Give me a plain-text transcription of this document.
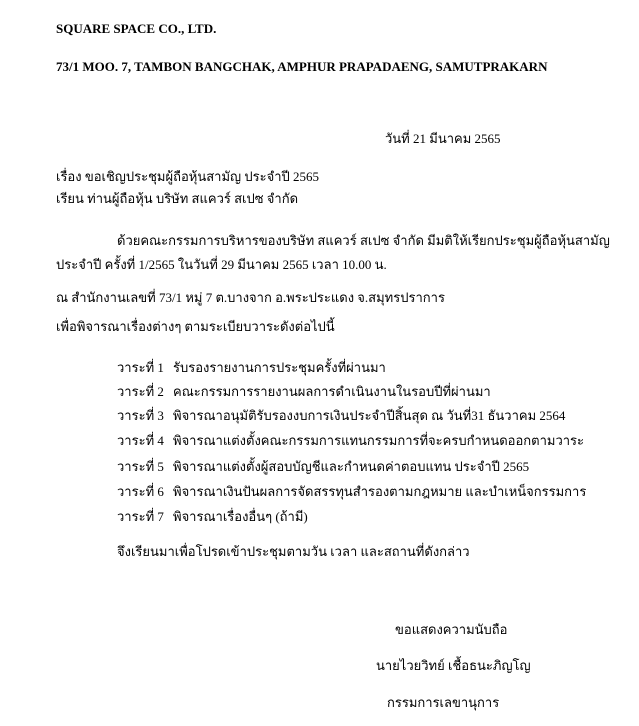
SQUARE SPACE CO., LTD.
73/1 MOO. 7, TAMBON BANGCHAK, AMPHUR PRAPADAENG, SAMUTPRAKARN
วันที่ 21 มีนาคม 2565
เรื่อง ขอเชิญประชุมผู้ถือหุ้นสามัญ ประจำปี 2565
เรียน ท่านผู้ถือหุ้น บริษัท สแควร์ สเปซ จำกัด
ด้วยคณะกรรมการบริหารของบริษัท สแควร์ สเปซ จำกัด มีมติให้เรียกประชุมผู้ถือหุ้นสามัญ
ประจำปี ครั้งที่ 1/2565 ในวันที่ 29 มีนาคม 2565 เวลา 10.00 น.
ณ สำนักงานเลขที่ 73/1 หมู่ 7 ต.บางจาก อ.พระประแดง จ.สมุทรปราการ
เพื่อพิจารณาเรื่องต่างๆ ตามระเบียบวาระดังต่อไปนี้
วาระที่ 1 รับรองรายงานการประชุมครั้งที่ผ่านมา
วาระที่ 2 คณะกรรมการรายงานผลการดำเนินงานในรอบปีที่ผ่านมา
วาระที่ 3 พิจารณาอนุมัติรับรองงบการเงินประจำปีสิ้นสุด ณ วันที่31 ธันวาคม 2564
วาระที่ 4 พิจารณาแต่งตั้งคณะกรรมการแทนกรรมการที่จะครบกำหนดออกตามวาระ
วาระที่ 5 พิจารณาแต่งตั้งผู้สอบบัญชีและกำหนดค่าตอบแทน ประจำปี 2565
วาระที่ 6 พิจารณาเงินปันผลการจัดสรรทุนสำรองตามกฎหมาย และบำเหน็จกรรมการ
วาระที่ 7 พิจารณาเรื่องอื่นๆ (ถ้ามี)
จึงเรียนมาเพื่อโปรดเข้าประชุมตามวัน เวลา และสถานที่ดังกล่าว
ขอแสดงความนับถือ
นายไวยวิทย์ เชื้อธนะภิญโญ
กรรมการเลขานุการ
